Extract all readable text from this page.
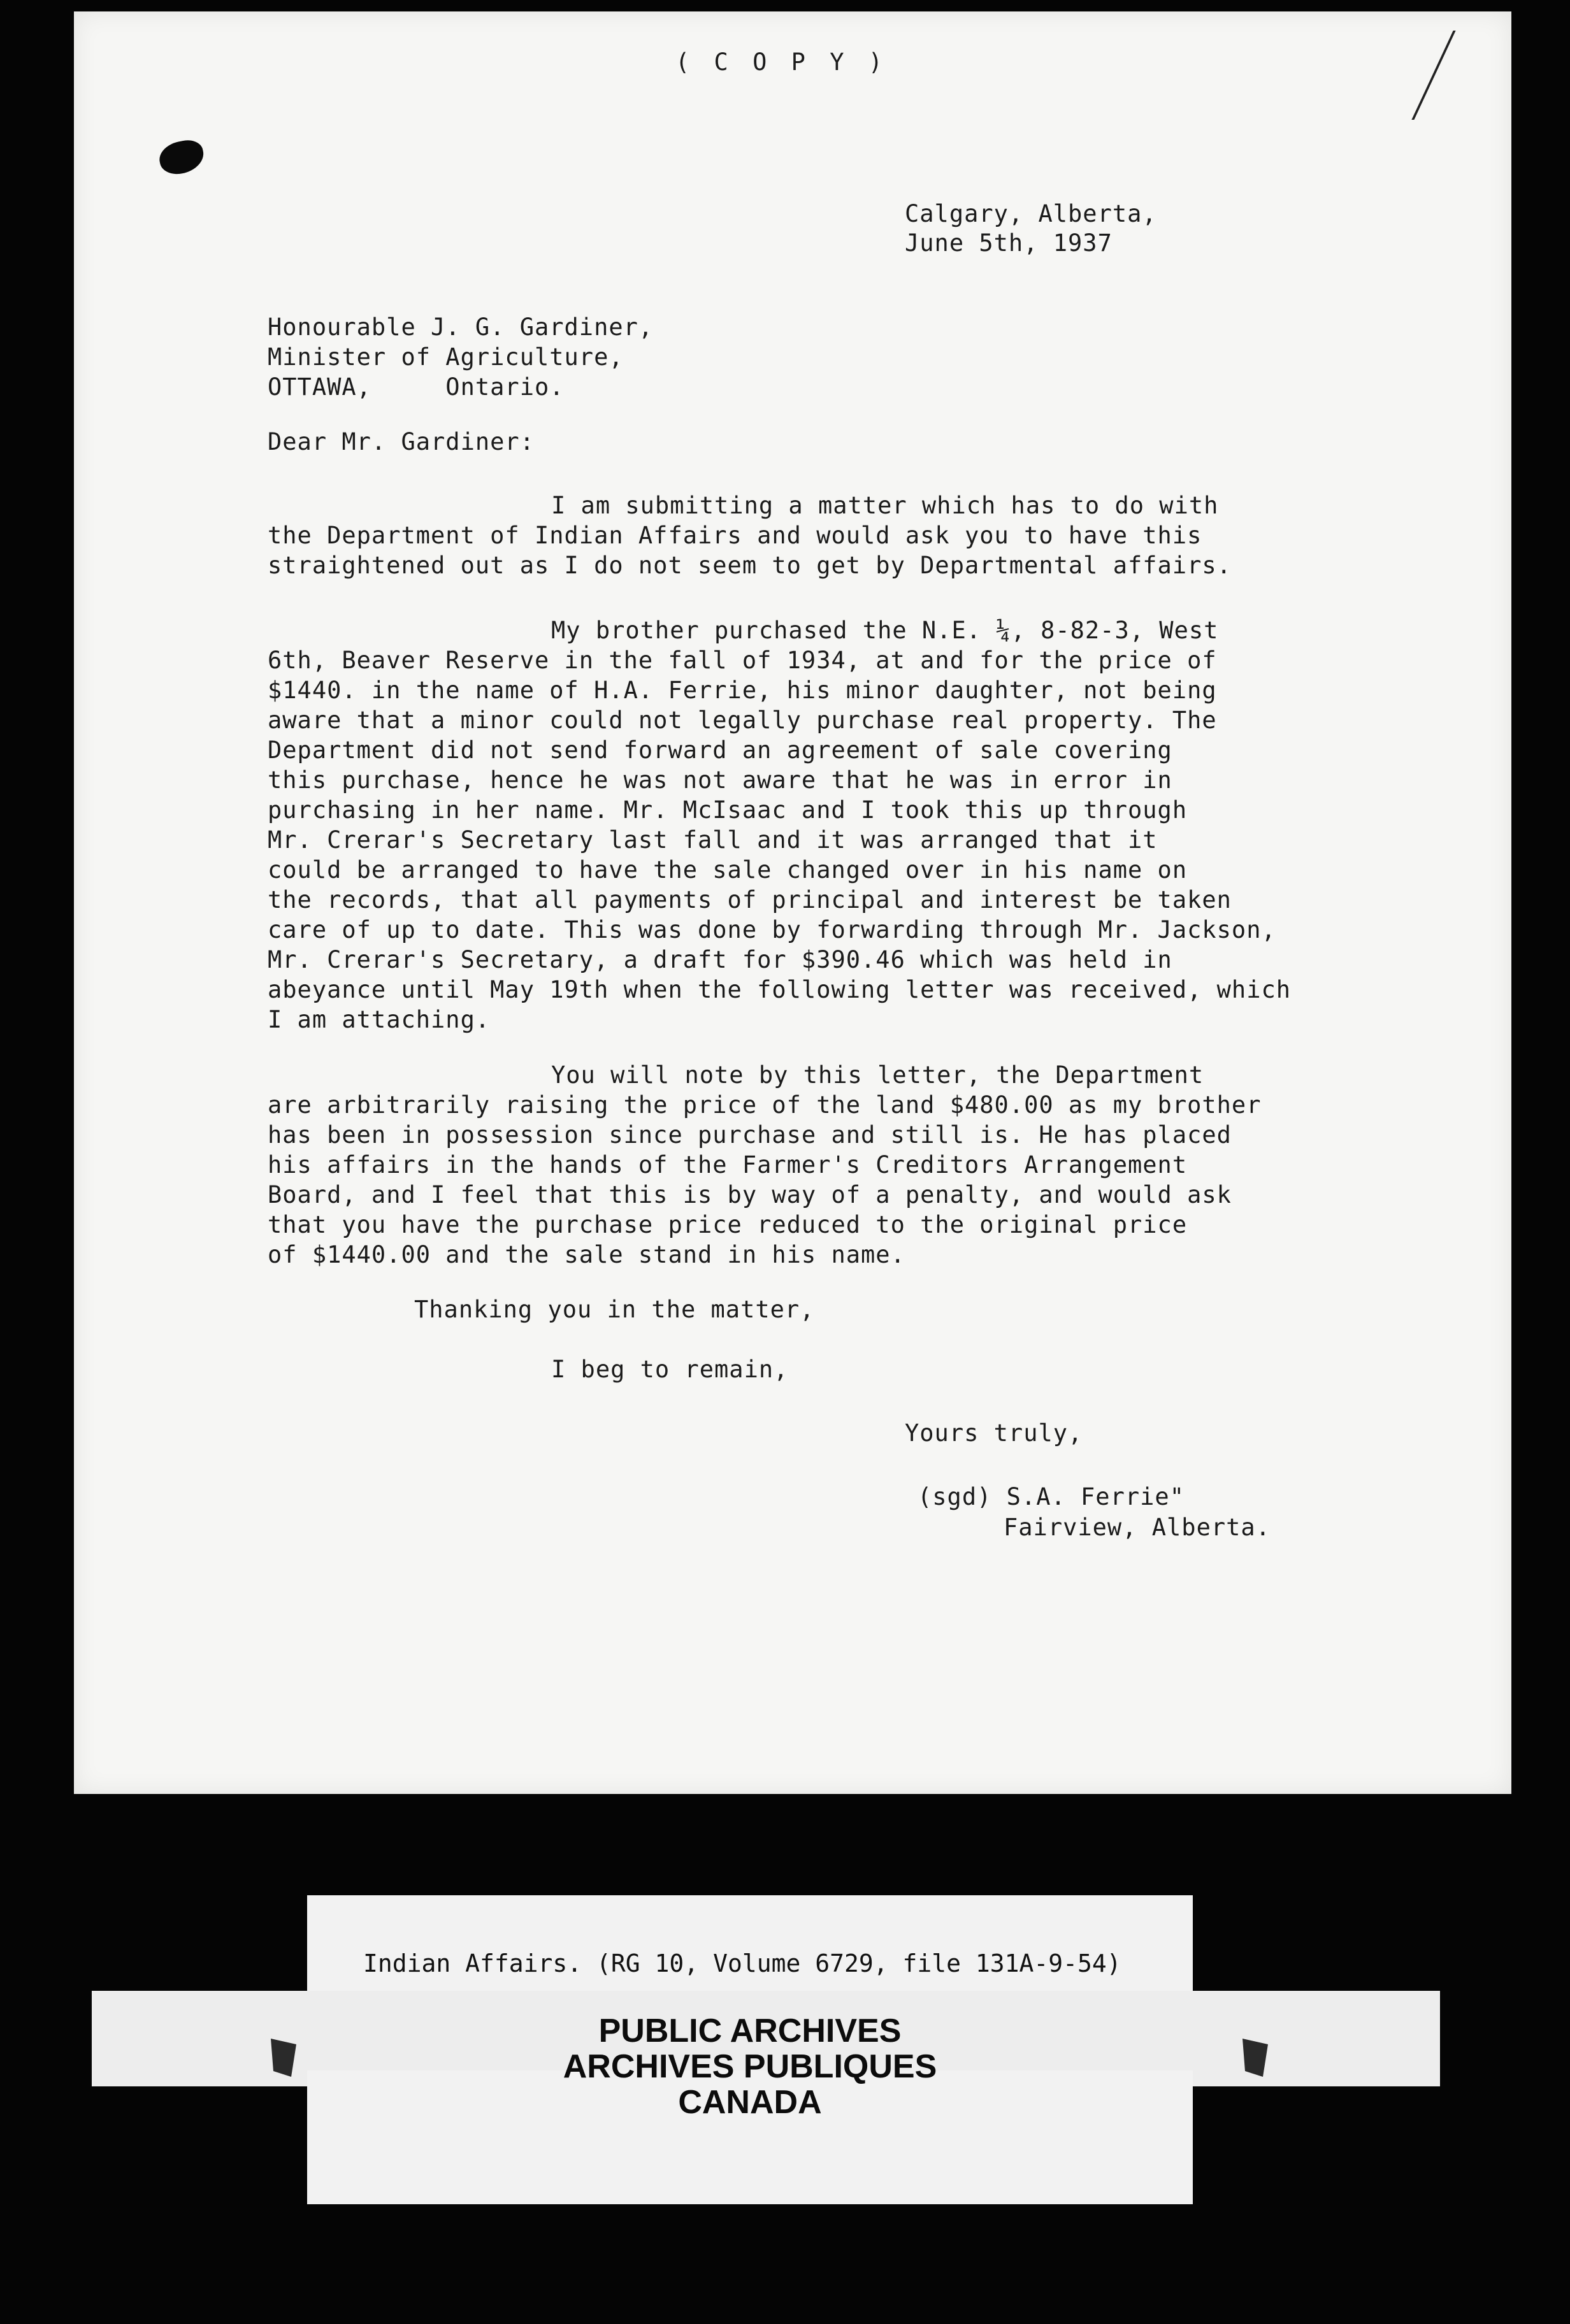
( C O P Y )
Calgary, Alberta,
June 5th, 1937
Honourable J. G. Gardiner,
Minister of Agriculture,
OTTAWA,     Ontario.
Dear Mr. Gardiner:

I am submitting a matter which has to do with

the Department of Indian Affairs and would ask you to have this

straightened out as I do not seem to get by Departmental affairs.

My brother purchased the N.E. ¼, 8-82-3, West

6th, Beaver Reserve in the fall of 1934, at and for the price of

$1440. in the name of H.A. Ferrie, his minor daughter, not being

aware that a minor could not legally purchase real property. The

Department did not send forward an agreement of sale covering

this purchase, hence he was not aware that he was in error in

purchasing in her name. Mr. McIsaac and I took this up through

Mr. Crerar's Secretary last fall and it was arranged that it

could be arranged to have the sale changed over in his name on

the records, that all payments of principal and interest be taken

care of up to date. This was done by forwarding through Mr. Jackson,

Mr. Crerar's Secretary, a draft for $390.46 which was held in

abeyance until May 19th when the following letter was received, which

I am attaching.

You will note by this letter, the Department

are arbitrarily raising the price of the land $480.00 as my brother

has been in possession since purchase and still is. He has placed

his affairs in the hands of the Farmer's Creditors Arrangement

Board, and I feel that this is by way of a penalty, and would ask

that you have the purchase price reduced to the original price

of $1440.00 and the sale stand in his name.

Thanking you in the matter,
I beg to remain,
Yours truly,
(sgd) S.A. Ferrie"
Fairview, Alberta.
Indian Affairs. (RG 10, Volume 6729, file 131A-9-54)
PUBLIC ARCHIVES
ARCHIVES PUBLIQUES
CANADA
